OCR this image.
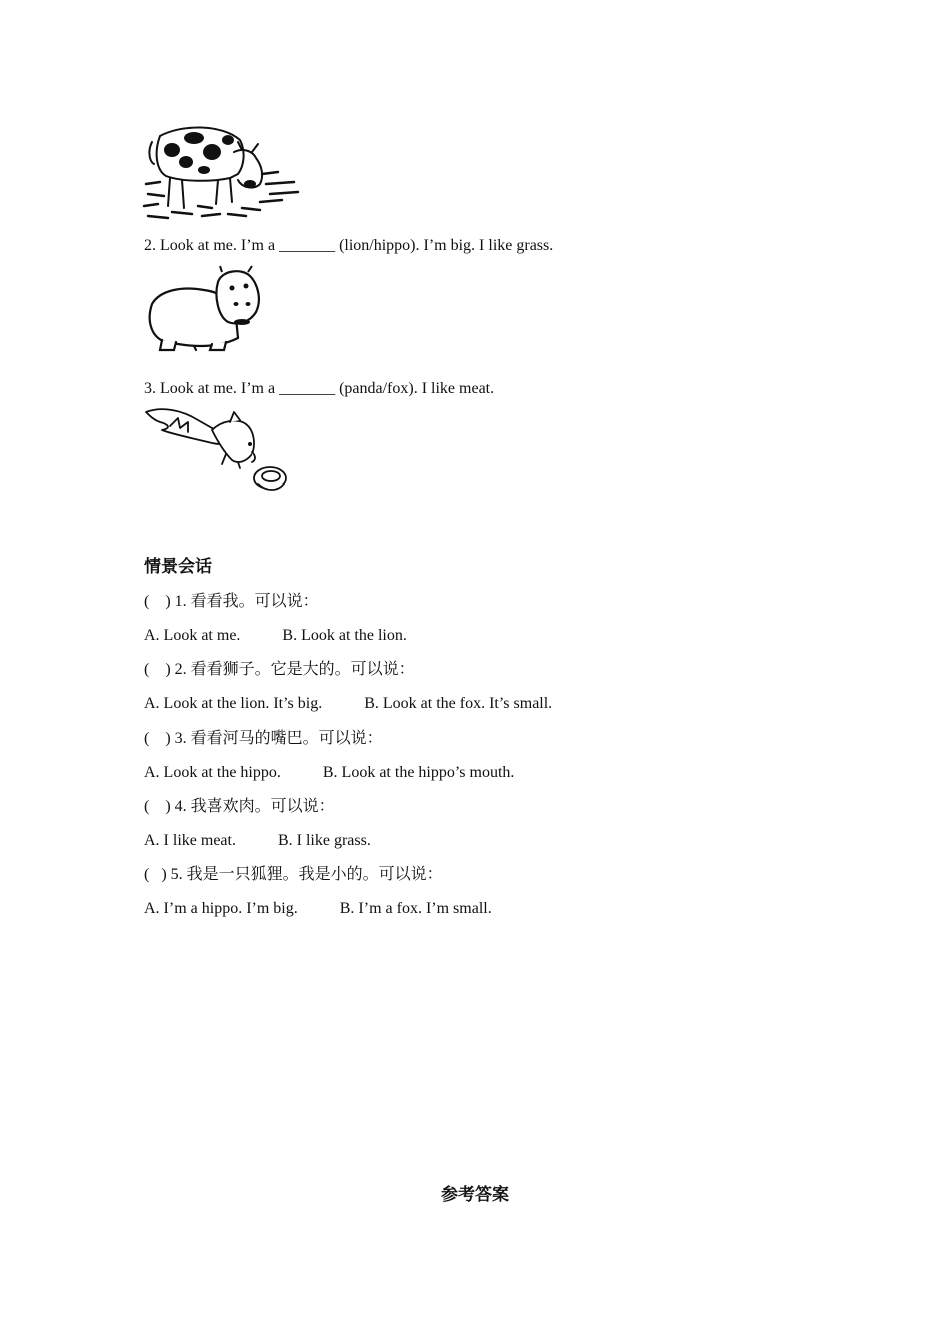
2. Look at me. I’m a _______ (lion/hippo). I’m big. I like grass.
3. Look at me. I’m a _______ (panda/fox). I like meat.
情景会话
(    ) 1. 看看我。可以说：
A. Look at me.	B. Look at the lion.
(    ) 2. 看看狮子。它是大的。可以说：
A. Look at the lion. It’s big.	B. Look at the fox. It’s small.
(    ) 3. 看看河马的嘴巴。可以说：
A. Look at the hippo.	B. Look at the hippo’s mouth.
(    ) 4. 我喜欢肉。可以说：
A. I like meat.	B. I like grass.
(   ) 5. 我是一只狐狸。我是小的。可以说：
A. I’m a hippo. I’m big.	B. I’m a fox. I’m small.
参考答案
